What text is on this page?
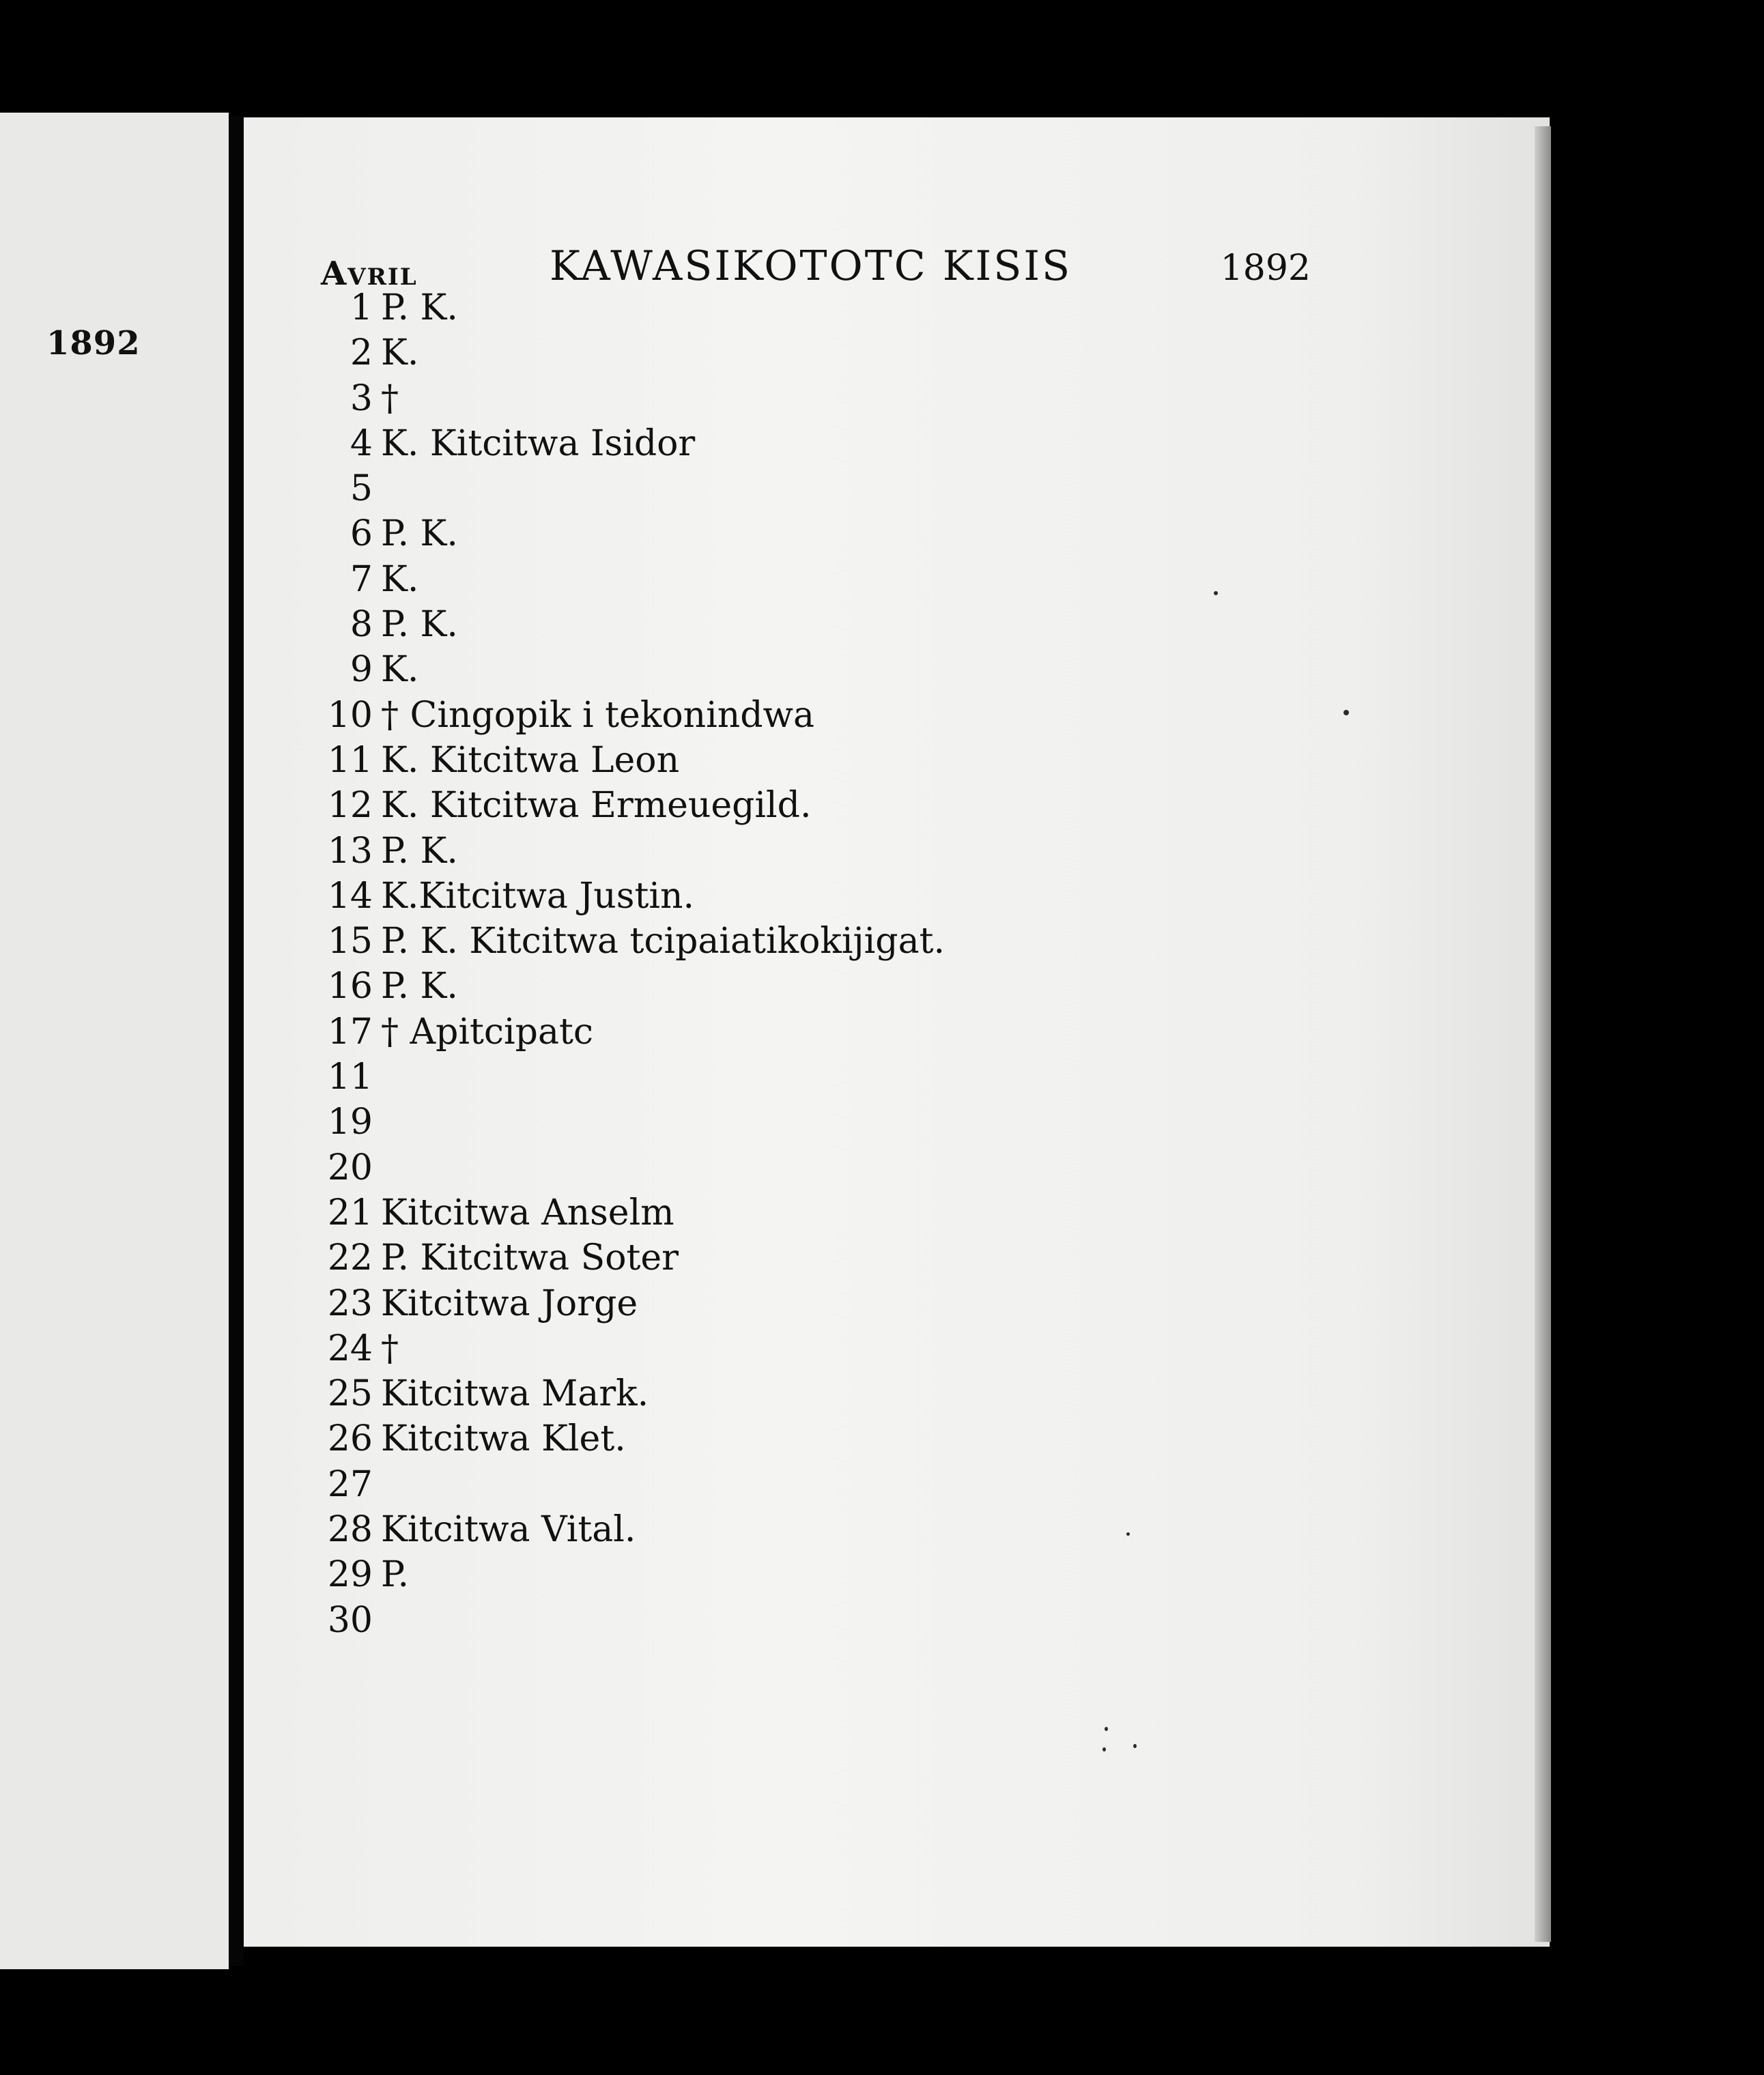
1892
Avril	KAWASIKOTOTC KISIS	1892
1 P. K.
2 K.
3 †
4 K. Kitcitwa Isidor
5
6 P. K.
7 K.
8 P. K.
9 K.
10 † Cingopik i tekonindwa
11 K. Kitcitwa Leon
12 K. Kitcitwa Ermeuegild.
13 P. K.
14 K.Kitcitwa Justin.
15 P. K. Kitcitwa tcipaiatikokijigat.
16 P. K.
17 † Apitcipatc
11
19
20
21 Kitcitwa Anselm
22 P. Kitcitwa Soter
23 Kitcitwa Jorge
24 †
25 Kitcitwa Mark.
26 Kitcitwa Klet.
27
28 Kitcitwa Vital.
29 P.
30
